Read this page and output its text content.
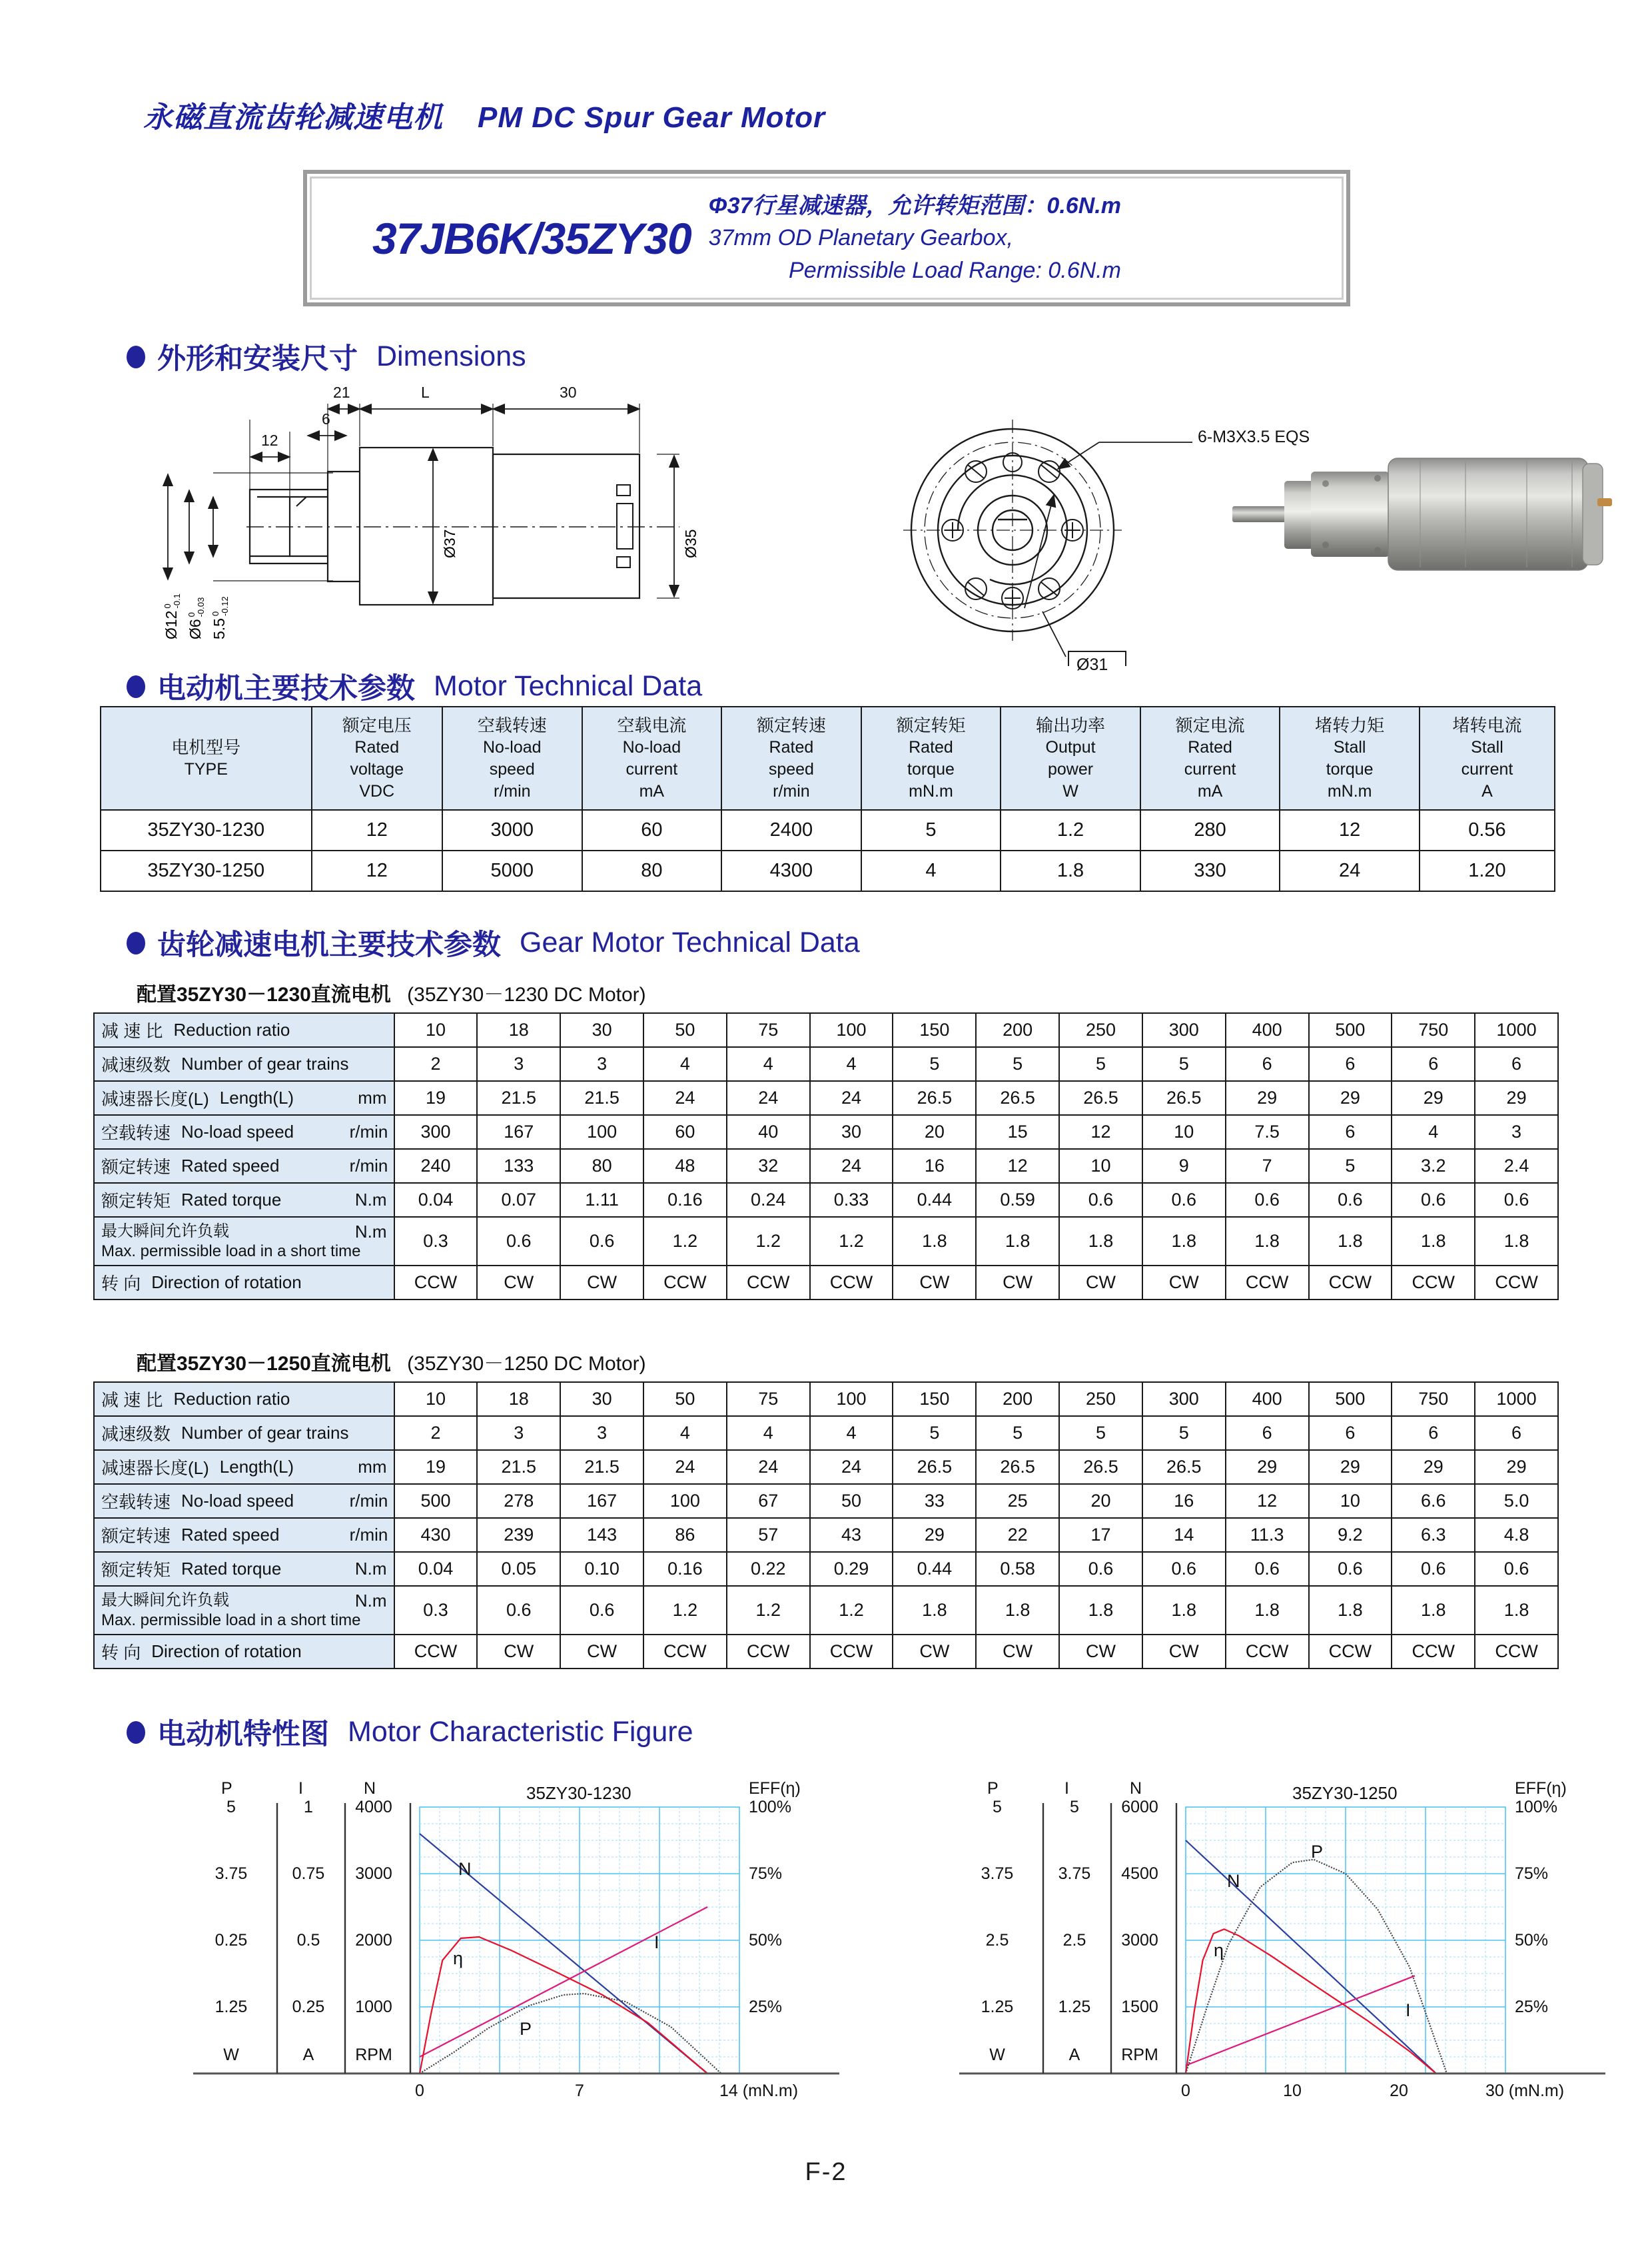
永磁直流齿轮减速电机 PM DC Spur Gear Motor
37JB6K/35ZY30
Φ37行星减速器，允许转矩范围：0.6N.m
37mm OD Planetary Gearbox,
Permissible Load Range: 0.6N.m
外形和安装尺寸 Dimensions
21	L	30
6
12
Ø12
0
-0.1
Ø6
0
-0.03
5.5
0
-0.12
Ø37	Ø35
6-M3X3.5 EQS
Ø31
电动机主要技术参数 Motor Technical Data
电机型号
TYPE	额定电压
Rated
voltage
VDC	空载转速
No-load
speed
r/min	空载电流
No-load
current
mA	额定转速
Rated
speed
r/min	额定转矩
Rated
torque
mN.m	输出功率
Output
power
W	额定电流
Rated
current
mA	堵转力矩
Stall
torque
mN.m	堵转电流
Stall
current
A

35ZY30-1230	12	3000	60	2400	5	1.2	280	12	0.56
35ZY30-1250	12	5000	80	4300	4	1.8	330	24	1.20
齿轮减速电机主要技术参数 Gear Motor Technical Data
配置35ZY30－1230直流电机 (35ZY30－1230 DC Motor)
减 速 比 Reduction ratio	10	18	30	50	75	100	150	200	250	300	400	500	750	1000

减速级数 Number of gear trains	2	3	3	4	4	4	5	5	5	5	6	6	6	6

减速器长度(L) Length(L) mm	19	21.5	21.5	24	24	24	26.5	26.5	26.5	26.5	29	29	29	29

空载转速 No-load speed r/min	300	167	100	60	40	30	20	15	12	10	7.5	6	4	3

额定转速 Rated speed r/min	240	133	80	48	32	24	16	12	10	9	7	5	3.2	2.4

额定转矩 Rated torque N.m	0.04	0.07	1.11	0.16	0.24	0.33	0.44	0.59	0.6	0.6	0.6	0.6	0.6	0.6

最大瞬间允许负载 N.m
Max. permissible load in a short time	0.3	0.6	0.6	1.2	1.2	1.2	1.8	1.8	1.8	1.8	1.8	1.8	1.8	1.8

转 向 Direction of rotation	CCW	CW	CW	CCW	CCW	CCW	CW	CW	CW	CW	CCW	CCW	CCW	CCW
配置35ZY30－1250直流电机 (35ZY30－1250 DC Motor)
减 速 比 Reduction ratio	10	18	30	50	75	100	150	200	250	300	400	500	750	1000

减速级数 Number of gear trains	2	3	3	4	4	4	5	5	5	5	6	6	6	6

减速器长度(L) Length(L) mm	19	21.5	21.5	24	24	24	26.5	26.5	26.5	26.5	29	29	29	29

空载转速 No-load speed r/min	500	278	167	100	67	50	33	25	20	16	12	10	6.6	5.0

额定转速 Rated speed r/min	430	239	143	86	57	43	29	22	17	14	11.3	9.2	6.3	4.8

额定转矩 Rated torque N.m	0.04	0.05	0.10	0.16	0.22	0.29	0.44	0.58	0.6	0.6	0.6	0.6	0.6	0.6

最大瞬间允许负载 N.m
Max. permissible load in a short time	0.3	0.6	0.6	1.2	1.2	1.2	1.8	1.8	1.8	1.8	1.8	1.8	1.8	1.8

转 向 Direction of rotation	CCW	CW	CW	CCW	CCW	CCW	CW	CW	CW	CW	CCW	CCW	CCW	CCW
电动机特性图 Motor Characteristic Figure
35ZY30-1230
P
5
3.75
0.25
1.25
W
I
1
0.75
0.5
0.25
A
N
4000
3000
2000
1000
RPM
EFF(η)
100%
75%
50%
25%
0	7	14 (mN.m)
N
I
η
P
35ZY30-1250
P
5
3.75
2.5
1.25
W
I
5
3.75
2.5
1.25
A
N
6000
4500
3000
1500
RPM
EFF(η)
100%
75%
50%
25%
0	10	20	30 (mN.m)
N
I
η
P
F-2
